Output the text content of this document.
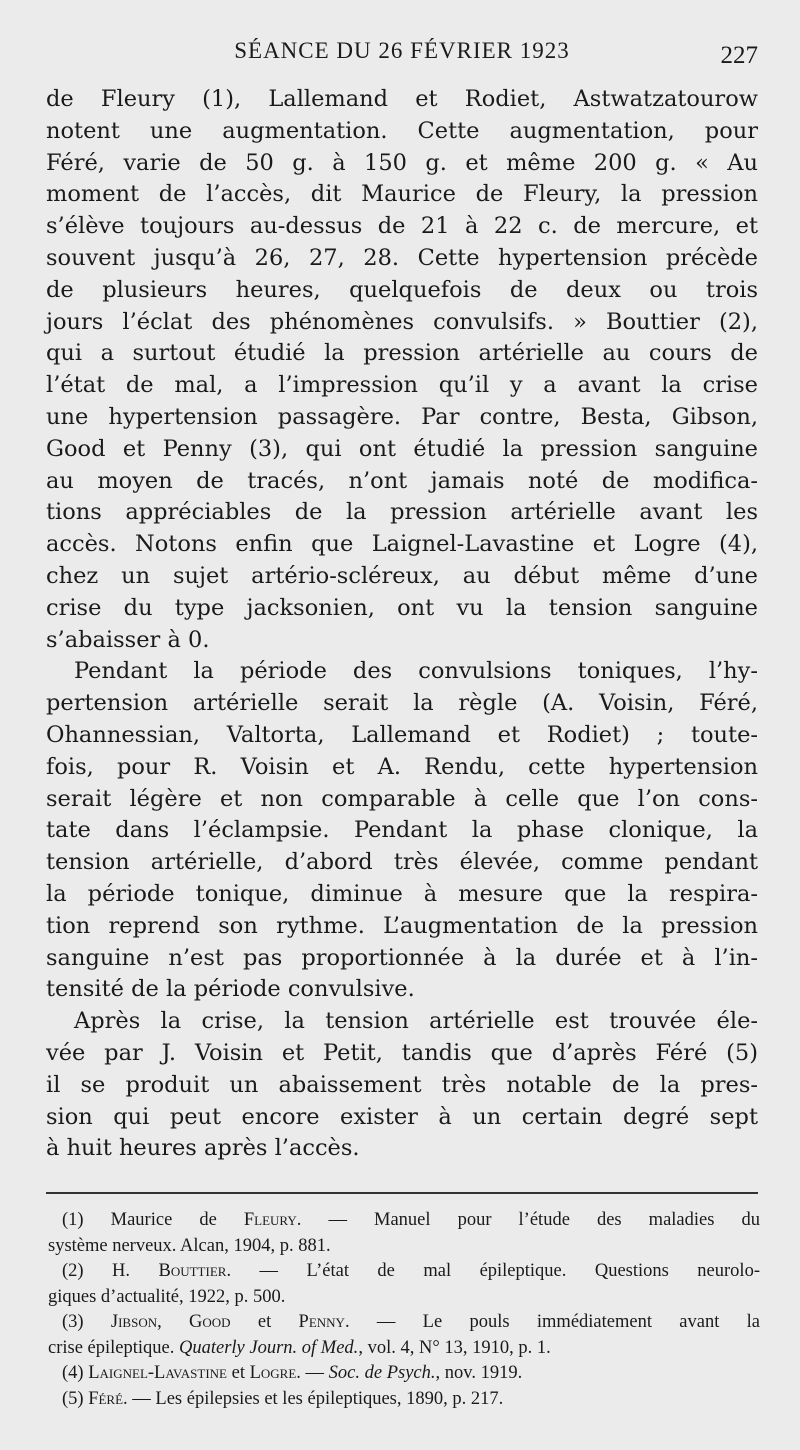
SÉANCE DU 26 FÉVRIER 1923	227

de Fleury (1), Lallemand et Rodiet, Astwatzatourow
notent une augmentation. Cette augmentation, pour
Féré, varie de 50 g. à 150 g. et même 200 g. « Au
moment de l’accès, dit Maurice de Fleury, la pression
s’élève toujours au-dessus de 21 à 22 c. de mercure, et
souvent jusqu’à 26, 27, 28. Cette hypertension précède
de plusieurs heures, quelquefois de deux ou trois
jours l’éclat des phénomènes convulsifs. » Bouttier (2),
qui a surtout étudié la pression artérielle au cours de
l’état de mal, a l’impression qu’il y a avant la crise
une hypertension passagère. Par contre, Besta, Gibson,
Good et Penny (3), qui ont étudié la pression sanguine
au moyen de tracés, n’ont jamais noté de modifica-
tions appréciables de la pression artérielle avant les
accès. Notons enfin que Laignel-Lavastine et Logre (4),
chez un sujet artério-scléreux, au début même d’une
crise du type jacksonien, ont vu la tension sanguine
s’abaisser à 0.

Pendant la période des convulsions toniques, l’hy-
pertension artérielle serait la règle (A. Voisin, Féré,
Ohannessian, Valtorta, Lallemand et Rodiet) ; toute-
fois, pour R. Voisin et A. Rendu, cette hypertension
serait légère et non comparable à celle que l’on cons-
tate dans l’éclampsie. Pendant la phase clonique, la
tension artérielle, d’abord très élevée, comme pendant
la période tonique, diminue à mesure que la respira-
tion reprend son rythme. L’augmentation de la pression
sanguine n’est pas proportionnée à la durée et à l’in-
tensité de la période convulsive.

Après la crise, la tension artérielle est trouvée éle-
vée par J. Voisin et Petit, tandis que d’après Féré (5)
il se produit un abaissement très notable de la pres-
sion qui peut encore exister à un certain degré sept
à huit heures après l’accès.

(1) Maurice de Fleury. — Manuel pour l’étude des maladies du
système nerveux. Alcan, 1904, p. 881.
(2) H. Bouttier. — L’état de mal épileptique. Questions neurolo-
giques d’actualité, 1922, p. 500.
(3) Jibson, Good et Penny. — Le pouls immédiatement avant la
crise épileptique. Quaterly Journ. of Med., vol. 4, N° 13, 1910, p. 1.
(4) Laignel-Lavastine et Logre. — Soc. de Psych., nov. 1919.
(5) Féré. — Les épilepsies et les épileptiques, 1890, p. 217.
